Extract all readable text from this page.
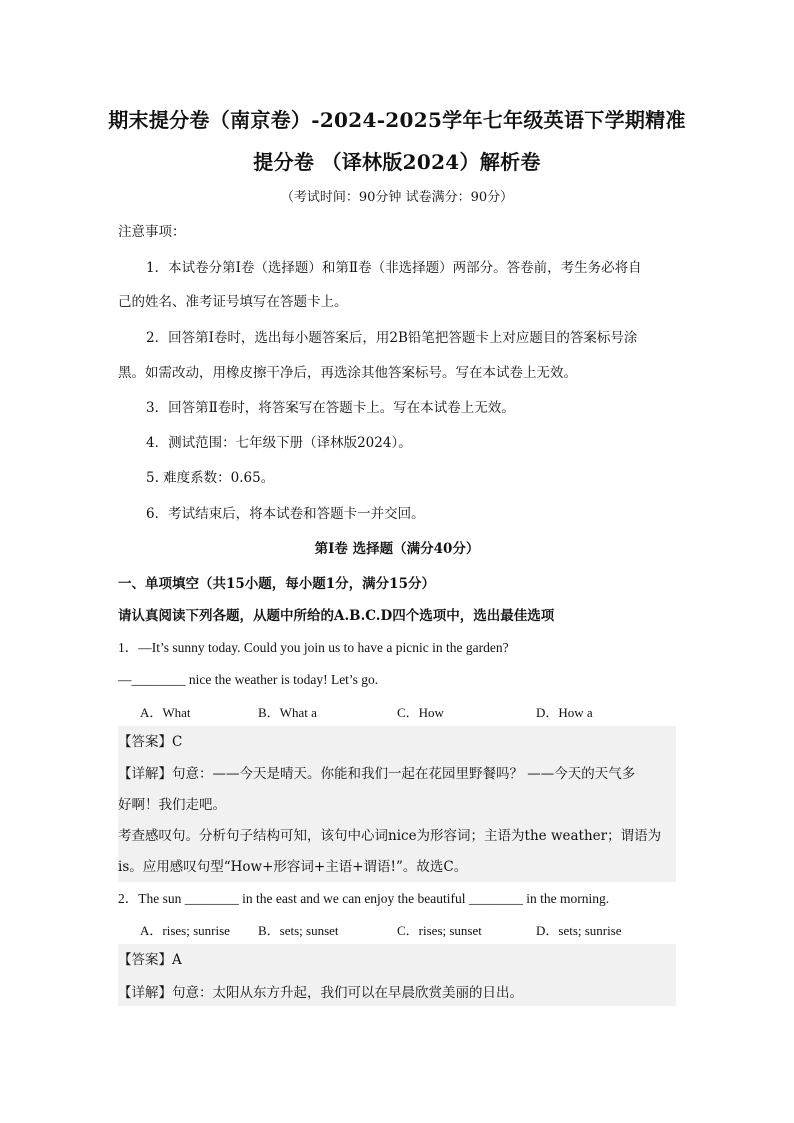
期末提分卷（南京卷）-2024-2025学年七年级英语下学期精准
提分卷 （译林版2024）解析卷
（考试时间：90分钟 试卷满分：90分）
注意事项：
1．本试卷分第Ⅰ卷（选择题）和第Ⅱ卷（非选择题）两部分。答卷前，考生务必将自
己的姓名、准考证号填写在答题卡上。
2．回答第Ⅰ卷时，选出每小题答案后，用2B铅笔把答题卡上对应题目的答案标号涂
黑。如需改动，用橡皮擦干净后，再选涂其他答案标号。写在本试卷上无效。
3．回答第Ⅱ卷时，将答案写在答题卡上。写在本试卷上无效。
4．测试范围：七年级下册（译林版2024）。
5. 难度系数：0.65。
6．考试结束后，将本试卷和答题卡一并交回。
第Ⅰ卷 选择题（满分40分）
一、单项填空（共15小题，每小题1分，满分15分）
请认真阅读下列各题，从题中所给的A.B.C.D四个选项中，选出最佳选项
1．—It’s sunny today. Could you join us to have a picnic in the garden?
—________ nice the weather is today! Let’s go.
A．What	B．What a	C．How	D．How a
【答案】C
【详解】句意：——今天是晴天。你能和我们一起在花园里野餐吗？ ——今天的天气多
好啊！我们走吧。
考查感叹句。分析句子结构可知，该句中心词nice为形容词；主语为the weather；谓语为
is。应用感叹句型“How+形容词+主语+谓语!”。故选C。
2．The sun ________ in the east and we can enjoy the beautiful ________ in the morning.
A．rises; sunrise B．sets; sunset	C．rises; sunset	D．sets; sunrise
【答案】A
【详解】句意：太阳从东方升起，我们可以在早晨欣赏美丽的日出。
